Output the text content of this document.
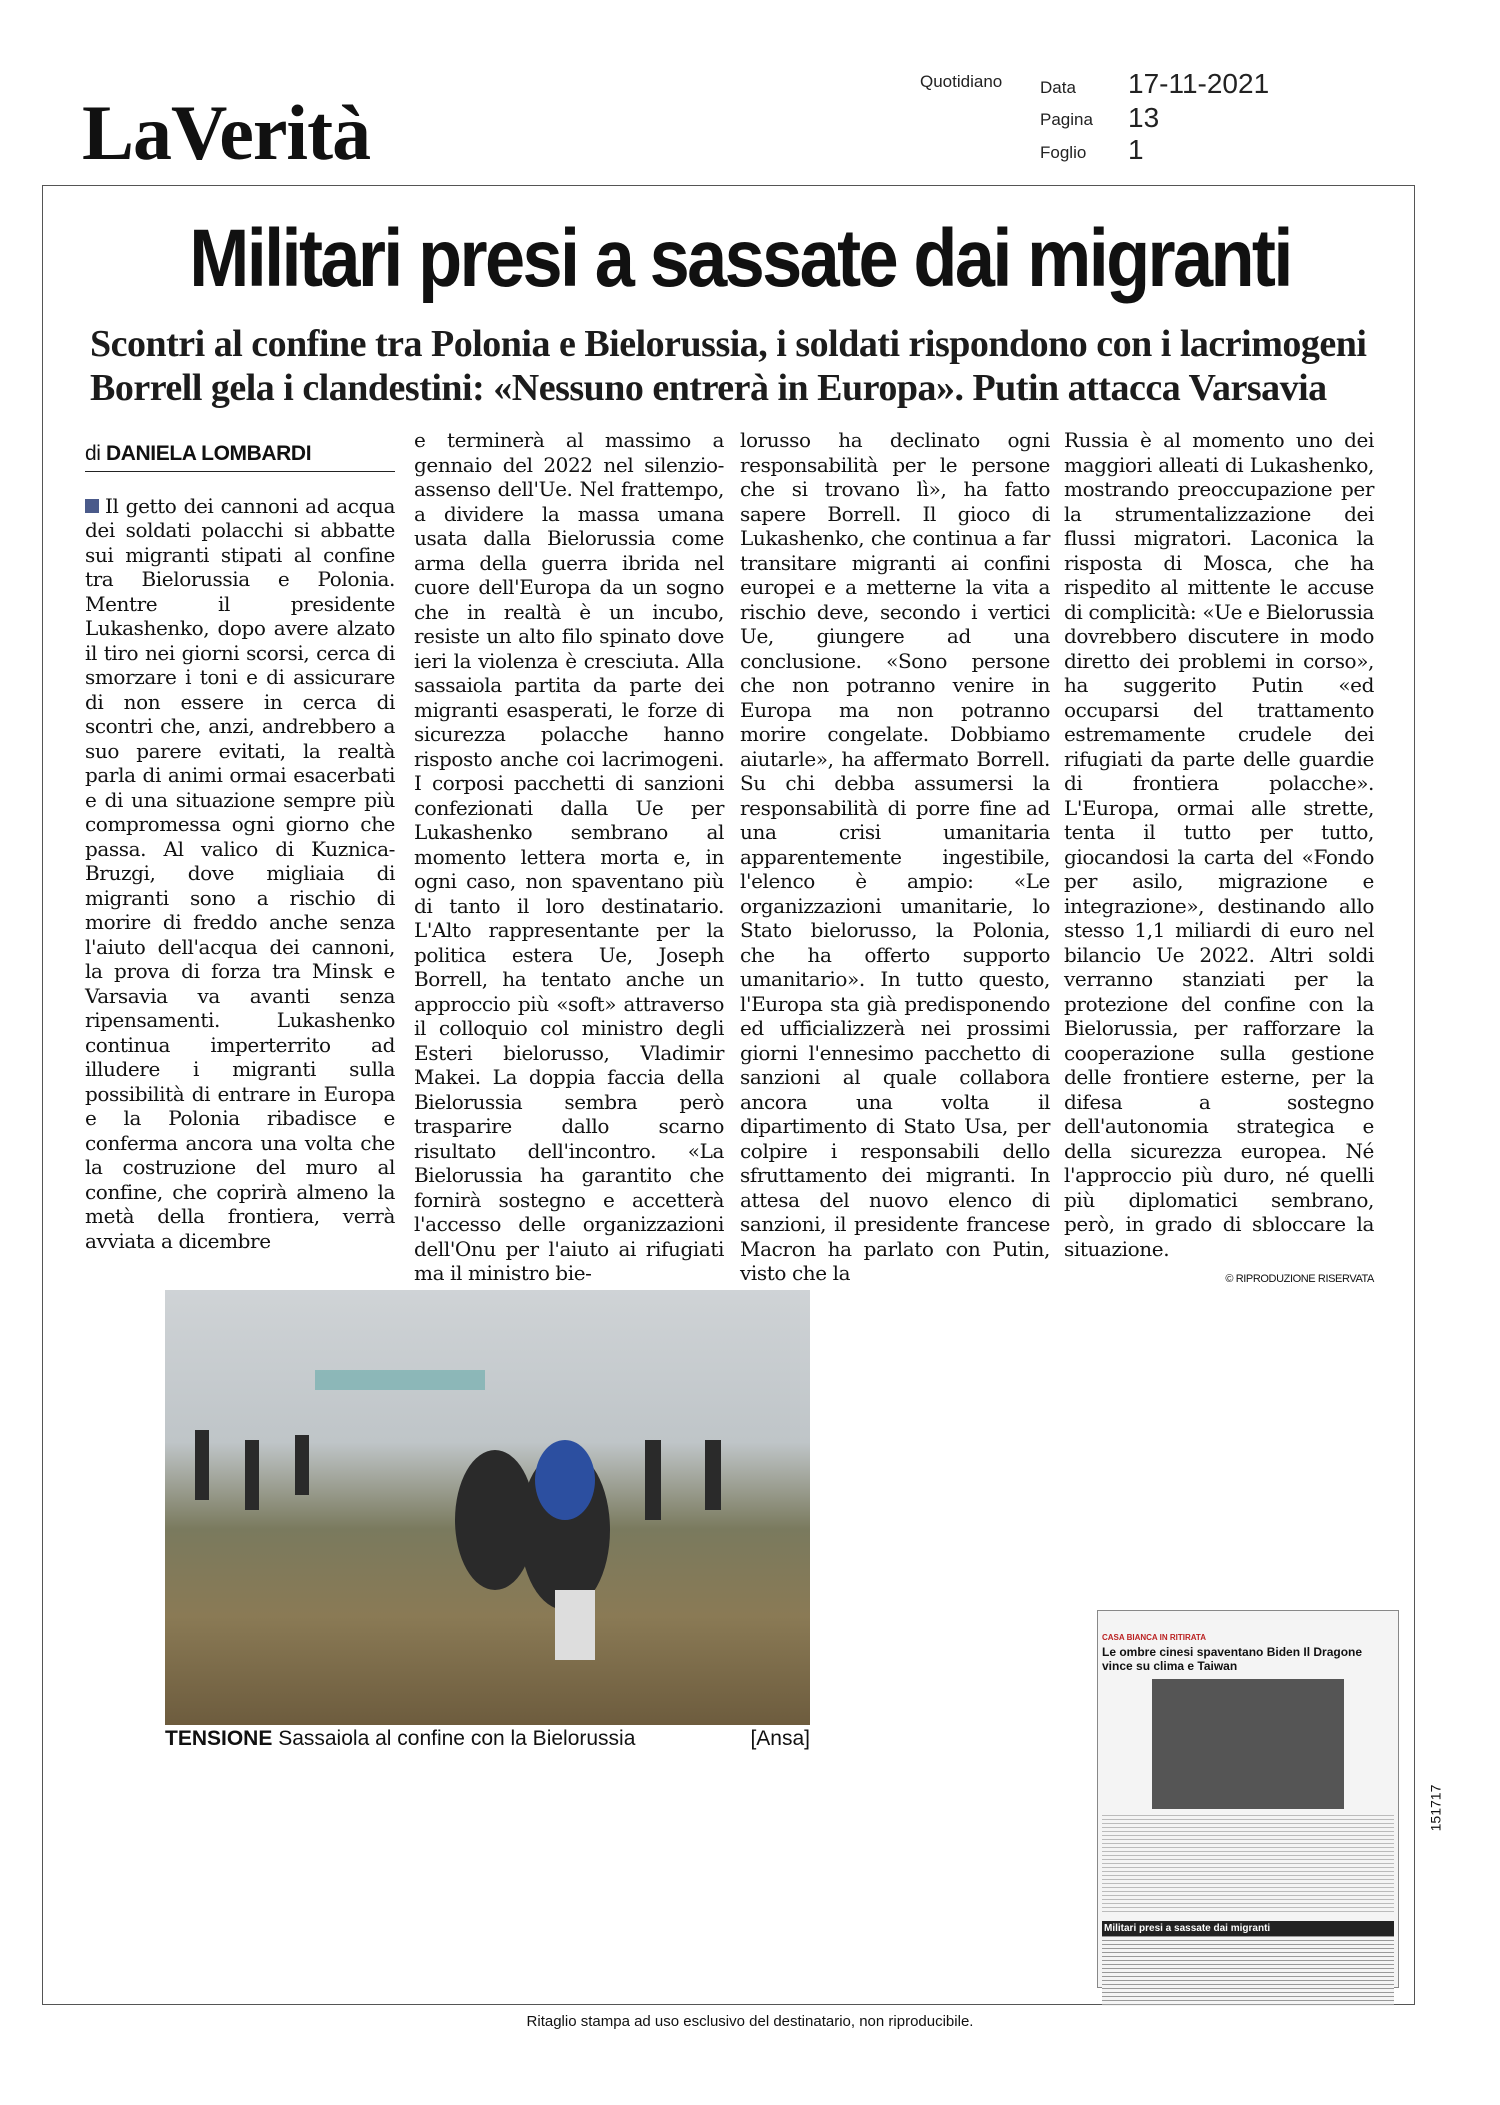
LaVerità
Quotidiano Data 17-11-2021
Pagina 13
Foglio 1
Militari presi a sassate dai migranti
Scontri al confine tra Polonia e Bielorussia, i soldati rispondono con i lacrimogeni
Borrell gela i clandestini: «Nessuno entrerà in Europa». Putin attacca Varsavia
di DANIELA LOMBARDI

Il getto dei cannoni ad acqua dei soldati polacchi si abbatte sui migranti stipati al confine tra Bielorussia e Polonia. Mentre il presidente Lukashenko, dopo avere alzato il tiro nei giorni scorsi, cerca di smorzare i toni e di assicurare di non essere in cerca di scontri che, anzi, andrebbero a suo parere evitati, la realtà parla di animi ormai esacerbati e di una situazione sempre più compromessa ogni giorno che passa. Al valico di Kuznica-Bruzgi, dove migliaia di migranti sono a rischio di morire di freddo anche senza l'aiuto dell'acqua dei cannoni, la prova di forza tra Minsk e Varsavia va avanti senza ripensamenti. Lukashenko continua imperterrito ad illudere i migranti sulla possibilità di entrare in Europa e la Polonia ribadisce e conferma ancora una volta che la costruzione del muro al confine, che coprirà almeno la metà della frontiera, verrà avviata a dicembre

e terminerà al massimo a gennaio del 2022 nel silenzio-assenso dell'Ue. Nel frattempo, a dividere la massa umana usata dalla Bielorussia come arma della guerra ibrida nel cuore dell'Europa da un sogno che in realtà è un incubo, resiste un alto filo spinato dove ieri la violenza è cresciuta. Alla sassaiola partita da parte dei migranti esasperati, le forze di sicurezza polacche hanno risposto anche coi lacrimogeni. I corposi pacchetti di sanzioni confezionati dalla Ue per Lukashenko sembrano al momento lettera morta e, in ogni caso, non spaventano più di tanto il loro destinatario. L'Alto rappresentante per la politica estera Ue, Joseph Borrell, ha tentato anche un approccio più «soft» attraverso il colloquio col ministro degli Esteri bielorusso, Vladimir Makei. La doppia faccia della Bielorussia sembra però trasparire dallo scarno risultato dell'incontro. «La Bielorussia ha garantito che fornirà sostegno e accetterà l'accesso delle organizzazioni dell'Onu per l'aiuto ai rifugiati ma il ministro bie-

lorusso ha declinato ogni responsabilità per le persone che si trovano lì», ha fatto sapere Borrell. Il gioco di Lukashenko, che continua a far transitare migranti ai confini europei e a metterne la vita a rischio deve, secondo i vertici Ue, giungere ad una conclusione. «Sono persone che non potranno venire in Europa ma non potranno morire congelate. Dobbiamo aiutarle», ha affermato Borrell. Su chi debba assumersi la responsabilità di porre fine ad una crisi umanitaria apparentemente ingestibile, l'elenco è ampio: «Le organizzazioni umanitarie, lo Stato bielorusso, la Polonia, che ha offerto supporto umanitario». In tutto questo, l'Europa sta già predisponendo ed ufficializzerà nei prossimi giorni l'ennesimo pacchetto di sanzioni al quale collabora ancora una volta il dipartimento di Stato Usa, per colpire i responsabili dello sfruttamento dei migranti. In attesa del nuovo elenco di sanzioni, il presidente francese Macron ha parlato con Putin, visto che la

Russia è al momento uno dei maggiori alleati di Lukashenko, mostrando preoccupazione per la strumentalizzazione dei flussi migratori. Laconica la risposta di Mosca, che ha rispedito al mittente le accuse di complicità: «Ue e Bielorussia dovrebbero discutere in modo diretto dei problemi in corso», ha suggerito Putin «ed occuparsi del trattamento estremamente crudele dei rifugiati da parte delle guardie di frontiera polacche». L'Europa, ormai alle strette, tenta il tutto per tutto, giocandosi la carta del «Fondo per asilo, migrazione e integrazione», destinando allo stesso 1,1 miliardi di euro nel bilancio Ue 2022. Altri soldi verranno stanziati per la protezione del confine con la Bielorussia, per rafforzare la cooperazione sulla gestione delle frontiere esterne, per la difesa a sostegno dell'autonomia strategica e della sicurezza europea. Né l'approccio più duro, né quelli più diplomatici sembrano, però, in grado di sbloccare la situazione.

© RIPRODUZIONE RISERVATA
TENSIONE Sassaiola al confine con la Bielorussia	[Ansa]
CASA BIANCA IN RITIRATA
Le ombre cinesi spaventano Biden Il Dragone vince su clima e Taiwan
Militari presi a sassate dai migranti
151717
Ritaglio stampa ad uso esclusivo del destinatario, non riproducibile.
